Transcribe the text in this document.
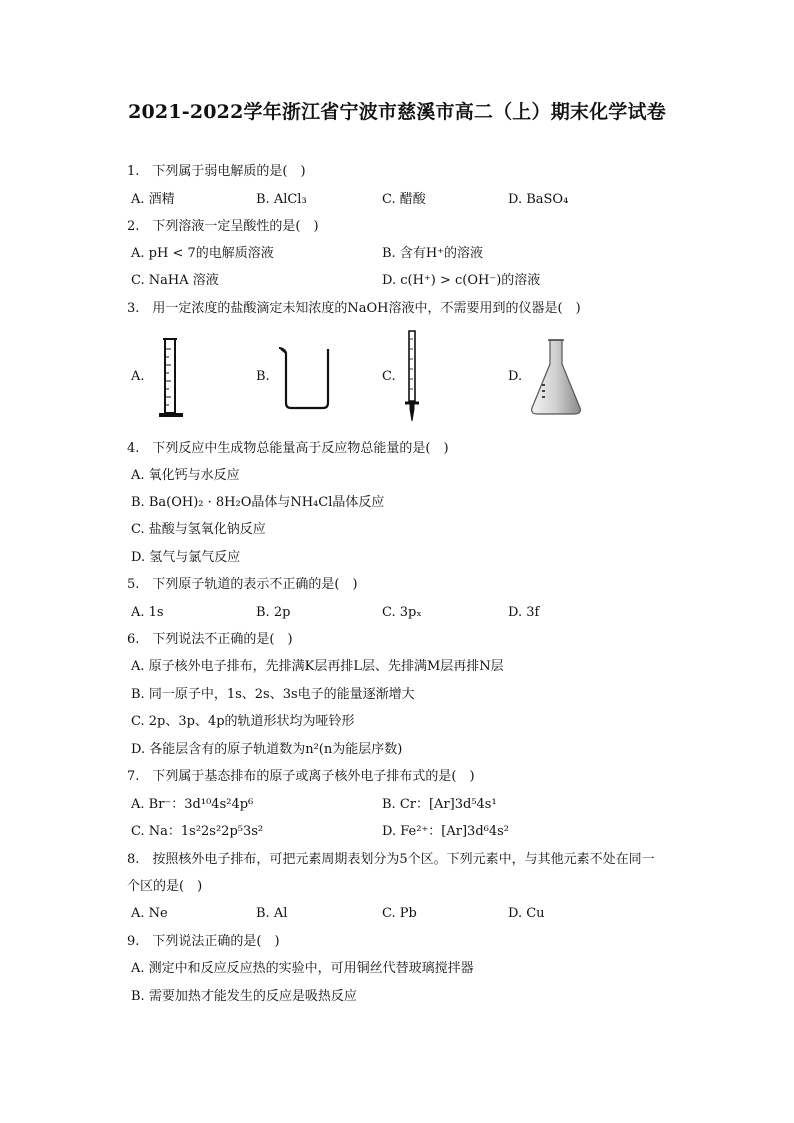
2021-2022学年浙江省宁波市慈溪市高二（上）期末化学试卷
1.　下列属于弱电解质的是(　)
A. 酒精	B. AlCl₃	C. 醋酸	D. BaSO₄
2.　下列溶液一定呈酸性的是(　)
A. pH < 7的电解质溶液	B. 含有H⁺的溶液
C. NaHA 溶液	D. c(H⁺) > c(OH⁻)的溶液
3.　用一定浓度的盐酸滴定未知浓度的NaOH溶液中，不需要用到的仪器是(　)
A.	B.	C.	D.
4.　下列反应中生成物总能量高于反应物总能量的是(　)
A. 氧化钙与水反应
B. Ba(OH)₂ · 8H₂O晶体与NH₄Cl晶体反应
C. 盐酸与氢氧化钠反应
D. 氢气与氯气反应
5.　下列原子轨道的表示不正确的是(　)
A. 1s	B. 2p	C. 3pₓ	D. 3f
6.　下列说法不正确的是(　)
A. 原子核外电子排布，先排满K层再排L层、先排满M层再排N层
B. 同一原子中，1s、2s、3s电子的能量逐渐增大
C. 2p、3p、4p的轨道形状均为哑铃形
D. 各能层含有的原子轨道数为n²(n为能层序数)
7.　下列属于基态排布的原子或离子核外电子排布式的是(　)
A. Br⁻：3d¹⁰4s²4p⁶	B. Cr：[Ar]3d⁵4s¹
C. Na：1s²2s²2p⁵3s²	D. Fe²⁺：[Ar]3d⁶4s²
8.　按照核外电子排布，可把元素周期表划分为5个区。下列元素中，与其他元素不处在同一
个区的是(　)
A. Ne	B. Al	C. Pb	D. Cu
9.　下列说法正确的是(　)
A. 测定中和反应反应热的实验中，可用铜丝代替玻璃搅拌器
B. 需要加热才能发生的反应是吸热反应
